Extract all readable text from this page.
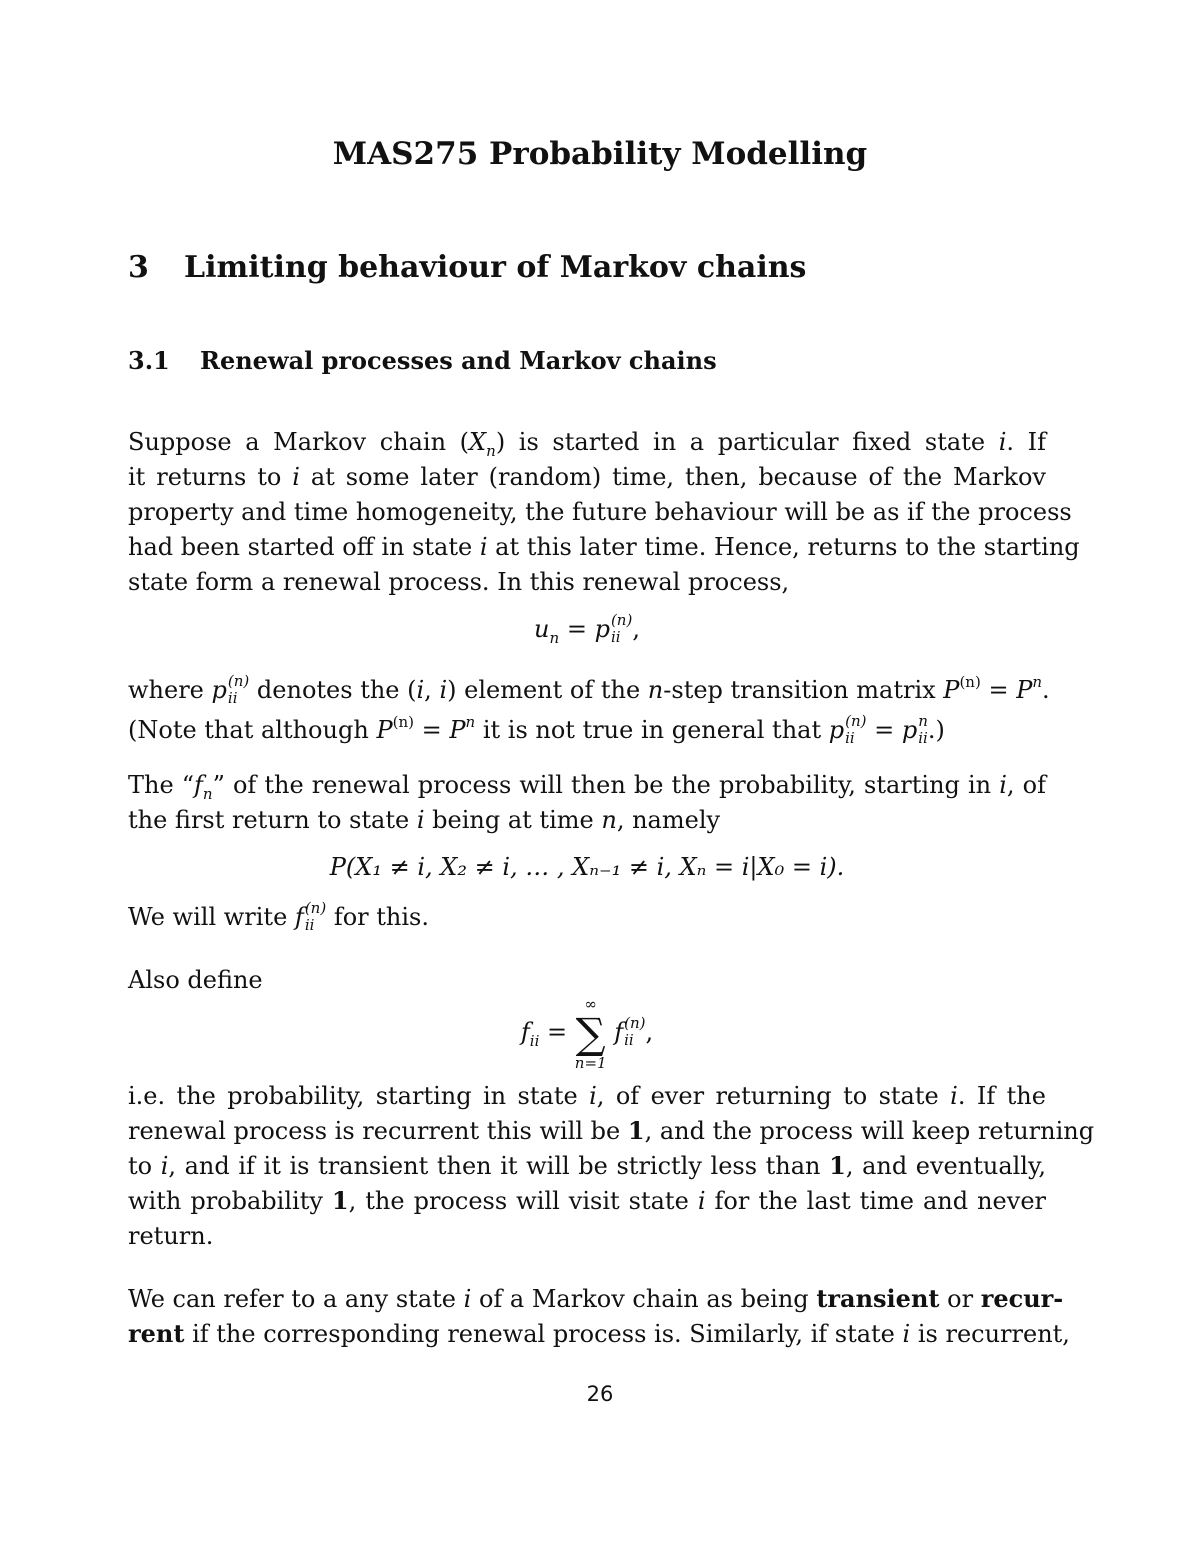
MAS275 Probability Modelling
3 Limiting behaviour of Markov chains
3.1 Renewal processes and Markov chains
Suppose a Markov chain $(X_n)$ is started in a particular fixed state i. If
it returns to i at some later (random) time, then, because of the Markov
property and time homogeneity, the future behaviour will be as if the process
had been started off in state i at this later time. Hence, returns to the starting
state form a renewal process. In this renewal process,
$u_n = p$ (n)
ii ,
where p (n)
ii denotes the (i, i) element of the n-step transition matrix $P^{(n)} = P^n$.
(Note that although $P^{(n)} = P^n$ it is not true in general that p (n)
ii = p n
ii .)
The “$f_n$” of the renewal process will then be the probability, starting in i, of
the first return to state i being at time n, namely
P(X₁ ≠ i, X₂ ≠ i, … , Xₙ₋₁ ≠ i, Xₙ = i|X₀ = i).
We will write f (n)
ii for this.
Also define
$f_{ii}$ =
∞
∑
n=1
f (n)
ii ,
i.e. the probability, starting in state i, of ever returning to state i. If the
renewal process is recurrent this will be 1, and the process will keep returning
to i, and if it is transient then it will be strictly less than 1, and eventually,
with probability 1, the process will visit state i for the last time and never
return.
We can refer to a any state i of a Markov chain as being transient or recur-
rent if the corresponding renewal process is. Similarly, if state i is recurrent,
26
